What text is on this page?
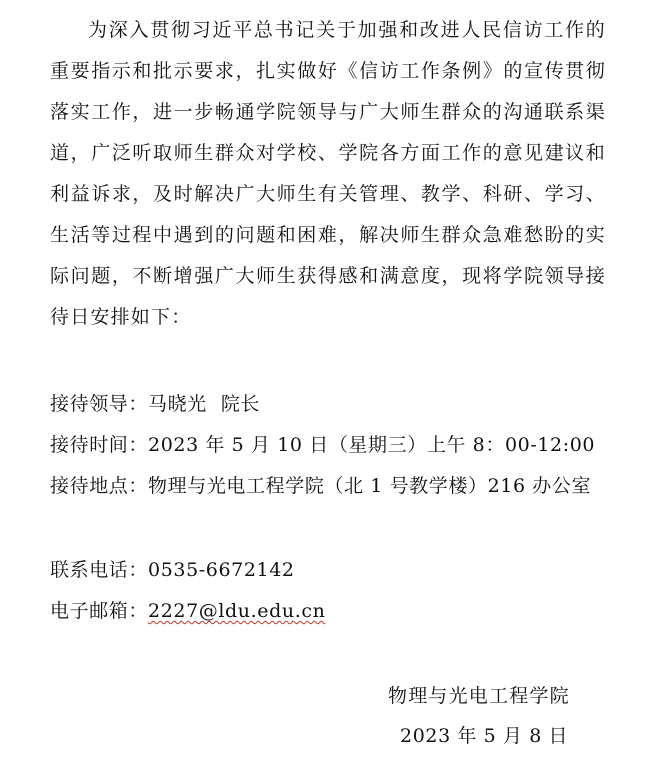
为深入贯彻习近平总书记关于加强和改进人民信访工作的重要指示和批示要求，扎实做好《信访工作条例》的宣传贯彻落实工作，进一步畅通学院领导与广大师生群众的沟通联系渠道，广泛听取师生群众对学校、学院各方面工作的意见建议和利益诉求，及时解决广大师生有关管理、教学、科研、学习、生活等过程中遇到的问题和困难，解决师生群众急难愁盼的实际问题，不断增强广大师生获得感和满意度，现将学院领导接待日安排如下：

接待领导：马晓光 院长
接待时间：2023 年 5 月 10 日（星期三）上午 8：00-12:00
接待地点：物理与光电工程学院（北 1 号教学楼）216 办公室
联系电话：0535-6672142
电子邮箱：2227@ldu.edu.cn
物理与光电工程学院
2023 年 5 月 8 日
